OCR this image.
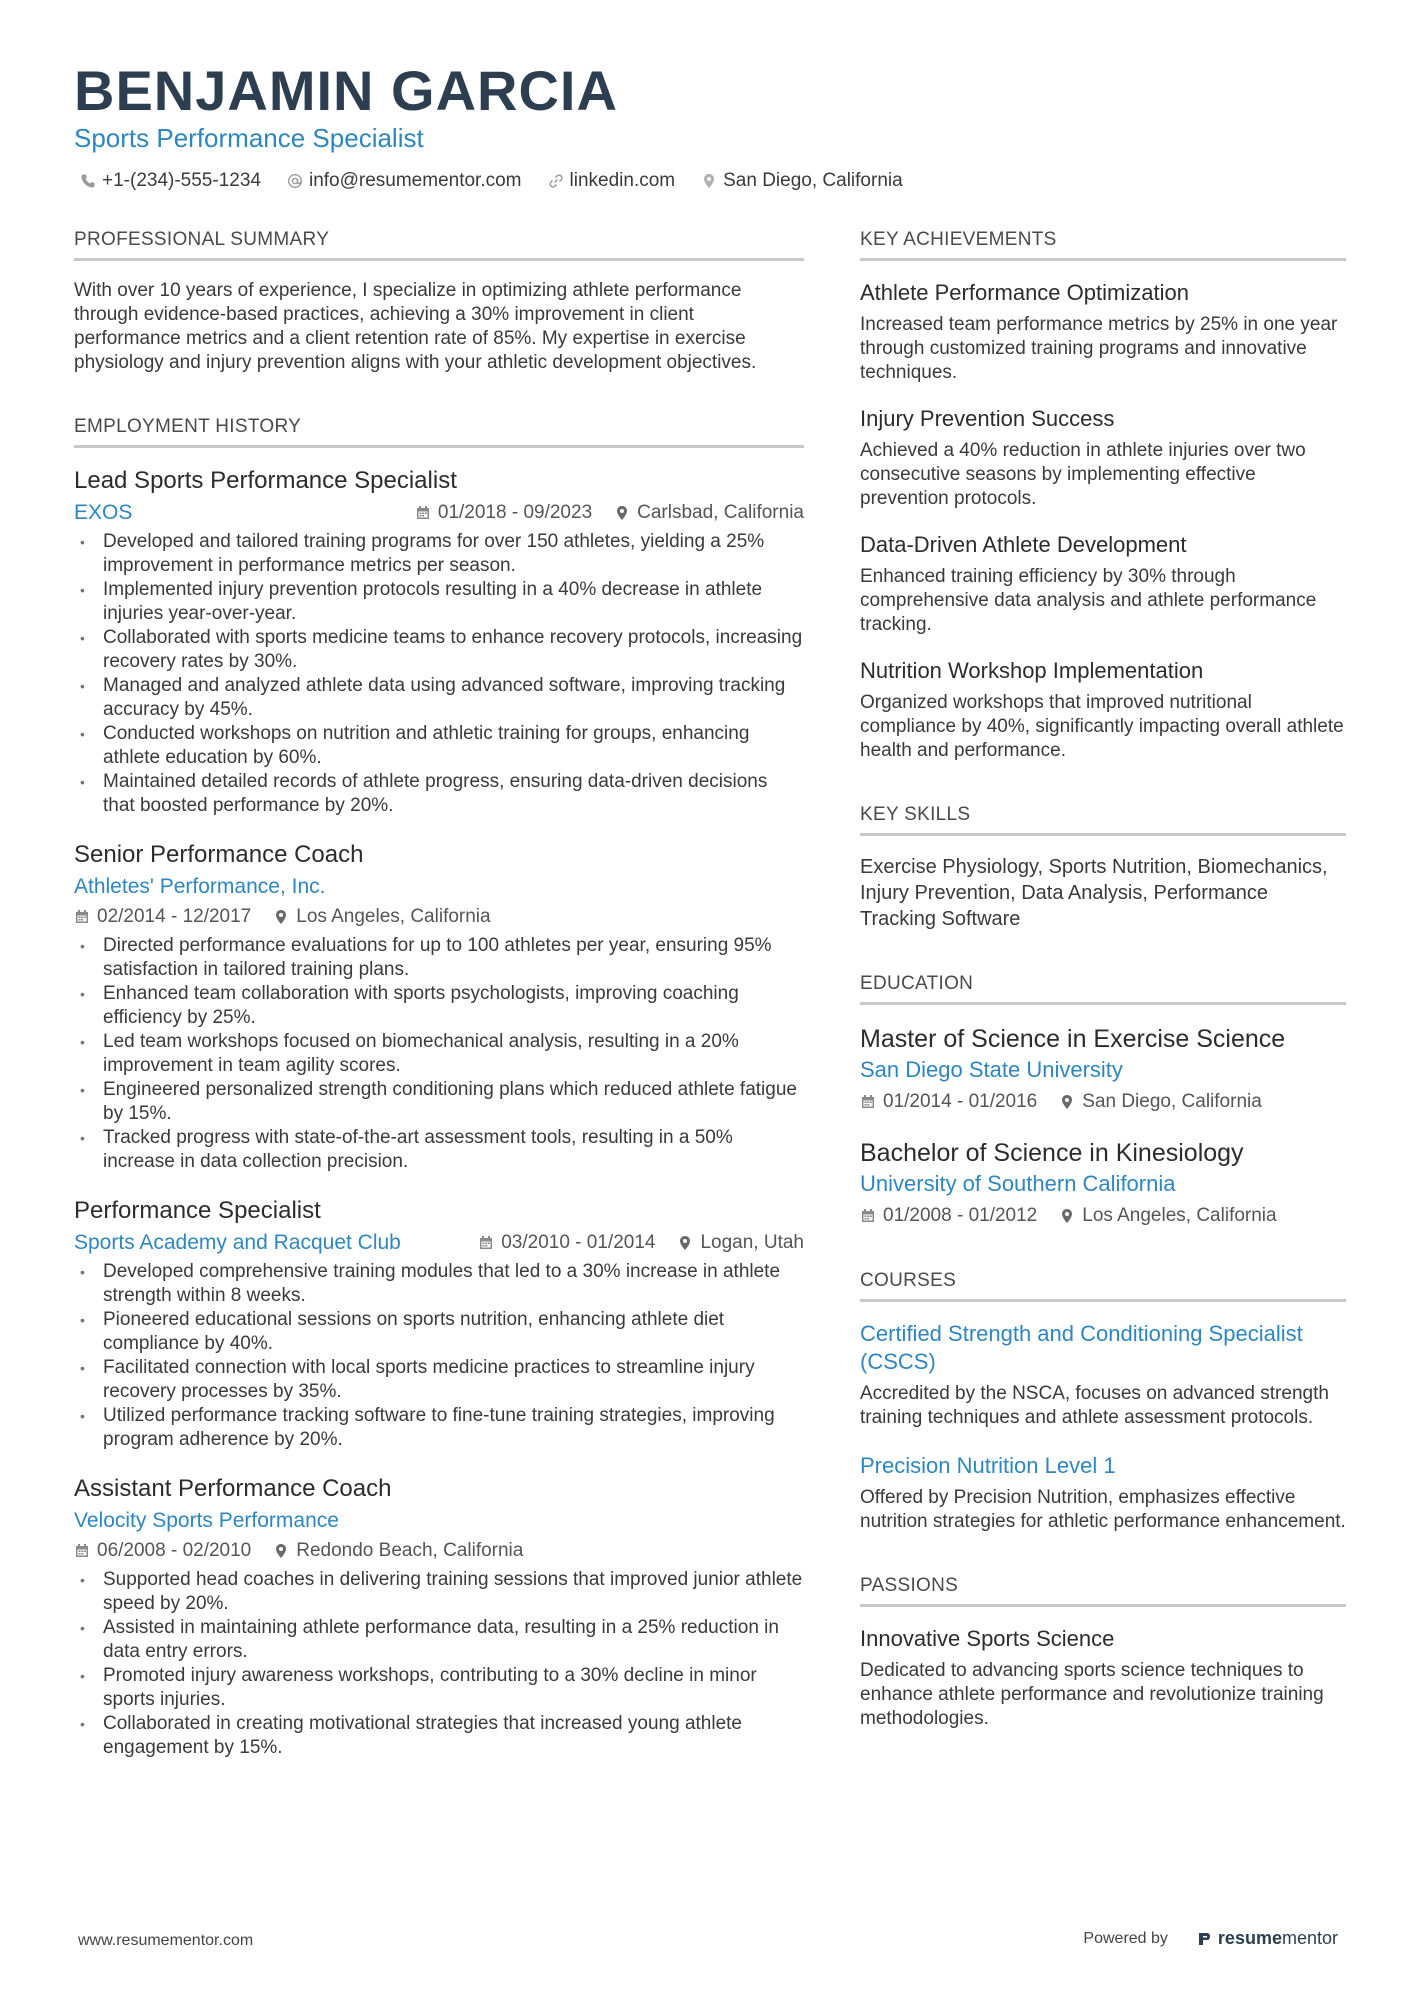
BENJAMIN GARCIA
Sports Performance Specialist
+1-(234)-555-1234	info@resumementor.com	linkedin.com	San Diego, California
PROFESSIONAL SUMMARY

With over 10 years of experience, I specialize in optimizing athlete performance through evidence-based practices, achieving a 30% improvement in client performance metrics and a client retention rate of 85%. My expertise in exercise physiology and injury prevention aligns with your athletic development objectives.

EMPLOYMENT HISTORY
Lead Sports Performance Specialist
EXOS	01/2018 - 09/2023 Carlsbad, California
• Developed and tailored training programs for over 150 athletes, yielding a 25% improvement in performance metrics per season.
• Implemented injury prevention protocols resulting in a 40% decrease in athlete injuries year-over-year.
• Collaborated with sports medicine teams to enhance recovery protocols, increasing recovery rates by 30%.
• Managed and analyzed athlete data using advanced software, improving tracking accuracy by 45%.
• Conducted workshops on nutrition and athletic training for groups, enhancing athlete education by 60%.
• Maintained detailed records of athlete progress, ensuring data-driven decisions that boosted performance by 20%.
Senior Performance Coach
Athletes' Performance, Inc.
02/2014 - 12/2017 Los Angeles, California
• Directed performance evaluations for up to 100 athletes per year, ensuring 95% satisfaction in tailored training plans.
• Enhanced team collaboration with sports psychologists, improving coaching efficiency by 25%.
• Led team workshops focused on biomechanical analysis, resulting in a 20% improvement in team agility scores.
• Engineered personalized strength conditioning plans which reduced athlete fatigue by 15%.
• Tracked progress with state-of-the-art assessment tools, resulting in a 50% increase in data collection precision.
Performance Specialist
Sports Academy and Racquet Club	03/2010 - 01/2014 Logan, Utah
• Developed comprehensive training modules that led to a 30% increase in athlete strength within 8 weeks.
• Pioneered educational sessions on sports nutrition, enhancing athlete diet compliance by 40%.
• Facilitated connection with local sports medicine practices to streamline injury recovery processes by 35%.
• Utilized performance tracking software to fine-tune training strategies, improving program adherence by 20%.
Assistant Performance Coach
Velocity Sports Performance
06/2008 - 02/2010 Redondo Beach, California
• Supported head coaches in delivering training sessions that improved junior athlete speed by 20%.
• Assisted in maintaining athlete performance data, resulting in a 25% reduction in data entry errors.
• Promoted injury awareness workshops, contributing to a 30% decline in minor sports injuries.
• Collaborated in creating motivational strategies that increased young athlete engagement by 15%.
KEY ACHIEVEMENTS
Athlete Performance Optimization
Increased team performance metrics by 25% in one year through customized training programs and innovative techniques.
Injury Prevention Success
Achieved a 40% reduction in athlete injuries over two consecutive seasons by implementing effective prevention protocols.
Data-Driven Athlete Development
Enhanced training efficiency by 30% through comprehensive data analysis and athlete performance tracking.
Nutrition Workshop Implementation
Organized workshops that improved nutritional compliance by 40%, significantly impacting overall athlete health and performance.
KEY SKILLS
Exercise Physiology, Sports Nutrition, Biomechanics, Injury Prevention, Data Analysis, Performance Tracking Software
EDUCATION
Master of Science in Exercise Science
San Diego State University
01/2014 - 01/2016 San Diego, California
Bachelor of Science in Kinesiology
University of Southern California
01/2008 - 01/2012 Los Angeles, California
COURSES
Certified Strength and Conditioning Specialist (CSCS)
Accredited by the NSCA, focuses on advanced strength training techniques and athlete assessment protocols.
Precision Nutrition Level 1
Offered by Precision Nutrition, emphasizes effective nutrition strategies for athletic performance enhancement.
PASSIONS
Innovative Sports Science
Dedicated to advancing sports science techniques to enhance athlete performance and revolutionize training methodologies.
www.resumementor.com	Powered by	resume mentor
